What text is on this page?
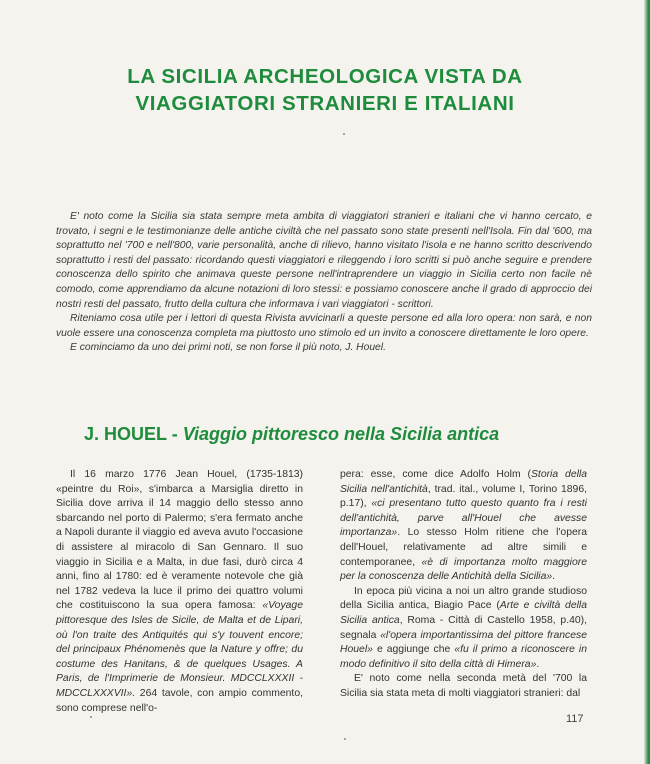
LA SICILIA ARCHEOLOGICA VISTA DA
VIAGGIATORI STRANIERI E ITALIANI

E' noto come la Sicilia sia stata sempre meta ambita di viaggiatori stranieri e italiani che vi hanno cercato, e trovato, i segni e le testimonianze delle antiche civiltà che nel passato sono state presenti nell'Isola. Fin dal '600, ma soprattutto nel '700 e nell'800, varie personalità, anche di rilievo, hanno visitato l'isola e ne hanno scritto descrivendo soprattutto i resti del passato: ricordando questi viaggiatori e rileggendo i loro scritti si può anche seguire e prendere conoscenza dello spirito che animava queste persone nell'intraprendere un viaggio in Sicilia certo non facile nè comodo, come apprendiamo da alcune notazioni di loro stessi: e possiamo conoscere anche il grado di approccio dei nostri resti del passato, frutto della cultura che informava i vari viaggiatori - scrittori.

Riteniamo cosa utile per i lettori di questa Rivista avvicinarli a queste persone ed alla loro opera: non sarà, e non vuole essere una conoscenza completa ma piuttosto uno stimolo ed un invito a conoscere direttamente le loro opere.

E cominciamo da uno dei primi noti, se non forse il più noto, J. Houel.

J. HOUEL - Viaggio pittoresco nella Sicilia antica

Il 16 marzo 1776 Jean Houel, (1735-1813) «peintre du Roi», s'imbarca a Marsiglia diretto in Sicilia dove arriva il 14 maggio dello stesso anno sbarcando nel porto di Palermo; s'era fermato anche a Napoli durante il viaggio ed aveva avuto l'occasione di assistere al miracolo di San Gennaro. Il suo viaggio in Sicilia e a Malta, in due fasi, durò circa 4 anni, fino al 1780: ed è veramente notevole che già nel 1782 vedeva la luce il primo dei quattro volumi che costituiscono la sua opera famosa: «Voyage pittoresque des Isles de Sicile, de Malta et de Lipari, où l'on traite des Antiquités qui s'y touvent encore; del principaux Phénomenès que la Nature y offre; du costume des Hanitans, & de quelques Usages. A Paris, de l'Imprimerie de Monsieur. MDCCLXXXII - MDCCLXXXVII». 264 tavole, con ampio commento, sono comprese nell'o-

pera: esse, come dice Adolfo Holm (Storia della Sicilia nell'antichità, trad. ital., volume I, Torino 1896, p.17), «ci presentano tutto questo quanto fra i resti dell'antichità, parve all'Houel che avesse importanza». Lo stesso Holm ritiene che l'opera dell'Houel, relativamente ad altre simili e contemporanee, «è di importanza molto maggiore per la conoscenza delle Antichità della Sicilia».

In epoca più vicina a noi un altro grande studioso della Sicilia antica, Biagio Pace (Arte e civiltà della Sicilia antica, Roma - Città di Castello 1958, p.40), segnala «l'opera importantissima del pittore francese Houel» e aggiunge che «fu il primo a riconoscere in modo definitivo il sito della città di Himera».

E' noto come nella seconda metà del '700 la Sicilia sia stata meta di molti viaggiatori stranieri: dal

117
